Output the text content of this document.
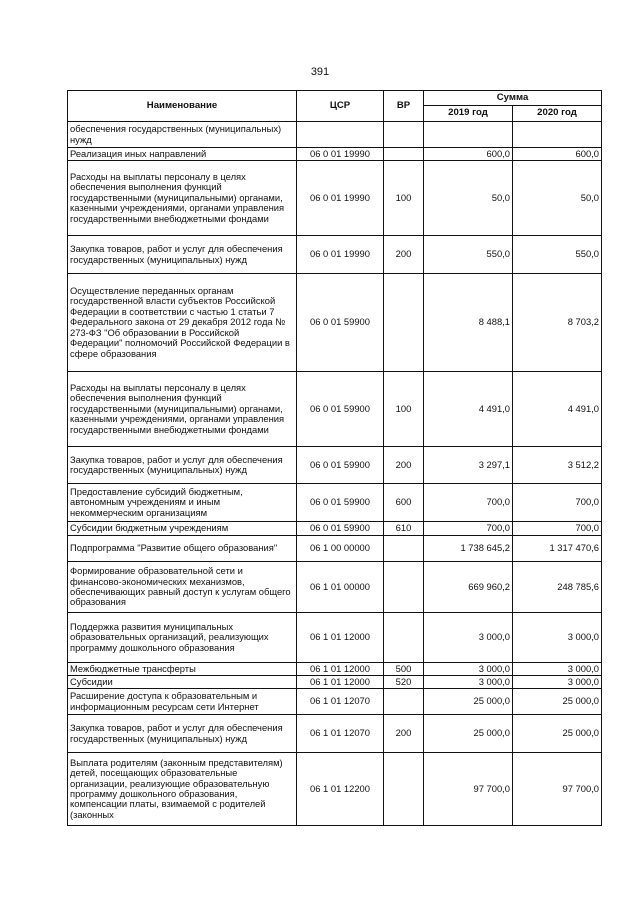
391
Наименование	ЦСР	ВР	Сумма	
			2019 год	2020 год
обеспечения государственных (муниципальных) нужд				
Реализация иных направлений	06 0 01 19990		600,0	600,0
Расходы на выплаты персоналу в целях обеспечения выполнения функций государственными (муниципальными) органами, казенными учреждениями, органами управления государственными внебюджетными фондами	06 0 01 19990	100	50,0	50,0
Закупка товаров, работ и услуг для обеспечения государственных (муниципальных) нужд	06 0 01 19990	200	550,0	550,0
Осуществление переданных органам государственной власти субъектов Российской Федерации в соответствии с частью 1 статьи 7 Федерального закона от 29 декабря 2012 года № 273-ФЗ "Об образовании в Российской Федерации" полномочий Российской Федерации в сфере образования	06 0 01 59900		8 488,1	8 703,2
Расходы на выплаты персоналу в целях обеспечения выполнения функций государственными (муниципальными) органами, казенными учреждениями, органами управления государственными внебюджетными фондами	06 0 01 59900	100	4 491,0	4 491,0
Закупка товаров, работ и услуг для обеспечения государственных (муниципальных) нужд	06 0 01 59900	200	3 297,1	3 512,2
Предоставление субсидий бюджетным, автономным учреждениям и иным некоммерческим организациям	06 0 01 59900	600	700,0	700,0
Субсидии бюджетным учреждениям	06 0 01 59900	610	700,0	700,0
Подпрограмма "Развитие общего образования"	06 1 00 00000		1 738 645,2	1 317 470,6
Формирование образовательной сети и финансово-экономических механизмов, обеспечивающих равный доступ к услугам общего образования	06 1 01 00000		669 960,2	248 785,6
Поддержка развития муниципальных образовательных организаций, реализующих программу дошкольного образования	06 1 01 12000		3 000,0	3 000,0
Межбюджетные трансферты	06 1 01 12000	500	3 000,0	3 000,0
Субсидии	06 1 01 12000	520	3 000,0	3 000,0
Расширение доступа к образовательным и информационным ресурсам сети Интернет	06 1 01 12070		25 000,0	25 000,0
Закупка товаров, работ и услуг для обеспечения государственных (муниципальных) нужд	06 1 01 12070	200	25 000,0	25 000,0
Выплата родителям (законным представителям) детей, посещающих образовательные организации, реализующие образовательную программу дошкольного образования, компенсации платы, взимаемой с родителей (законных	06 1 01 12200		97 700,0	97 700,0
